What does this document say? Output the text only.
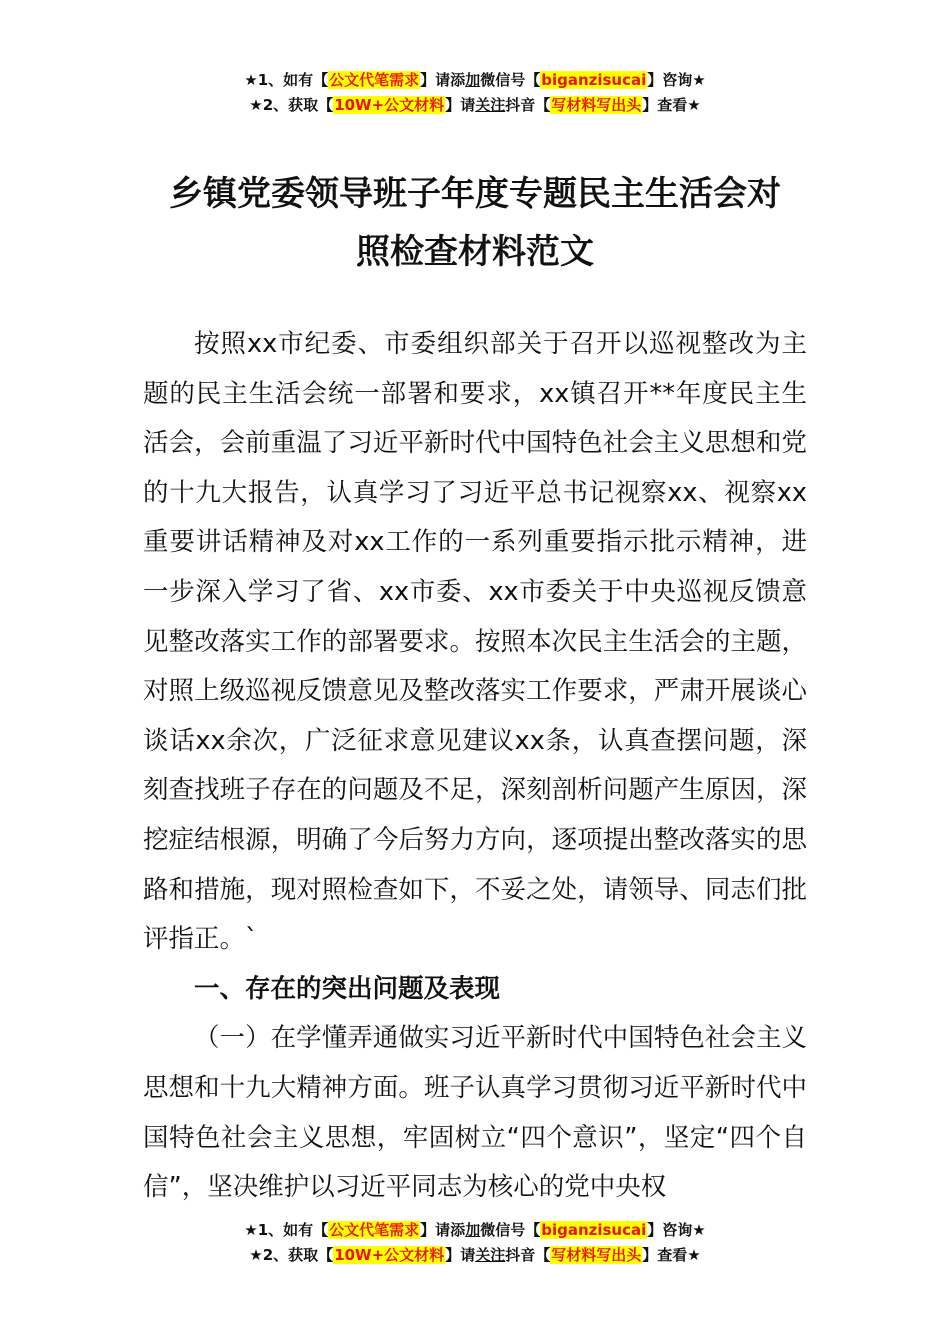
★1、如有【公文代笔需求】请添加微信号【biganzisucai】咨询★
★2、获取【10W+公文材料】请关注抖音【写材料写出头】查看★
乡镇党委领导班子年度专题民主生活会对
照检查材料范文

按照xx市纪委、市委组织部关于召开以巡视整改为主题的民主生活会统一部署和要求，xx镇召开**年度民主生活会，会前重温了习近平新时代中国特色社会主义思想和党的十九大报告，认真学习了习近平总书记视察xx、视察xx重要讲话精神及对xx工作的一系列重要指示批示精神，进一步深入学习了省、xx市委、xx市委关于中央巡视反馈意见整改落实工作的部署要求。按照本次民主生活会的主题，对照上级巡视反馈意见及整改落实工作要求，严肃开展谈心谈话xx余次，广泛征求意见建议xx条，认真查摆问题，深刻查找班子存在的问题及不足，深刻剖析问题产生原因，深挖症结根源，明确了今后努力方向，逐项提出整改落实的思路和措施，现对照检查如下，不妥之处，请领导、同志们批评指正。`

一、存在的突出问题及表现

（一）在学懂弄通做实习近平新时代中国特色社会主义思想和十九大精神方面。班子认真学习贯彻习近平新时代中国特色社会主义思想，牢固树立“四个意识”，坚定“四个自信”，坚决维护以习近平同志为核心的党中央权

★1、如有【公文代笔需求】请添加微信号【biganzisucai】咨询★
★2、获取【10W+公文材料】请关注抖音【写材料写出头】查看★
